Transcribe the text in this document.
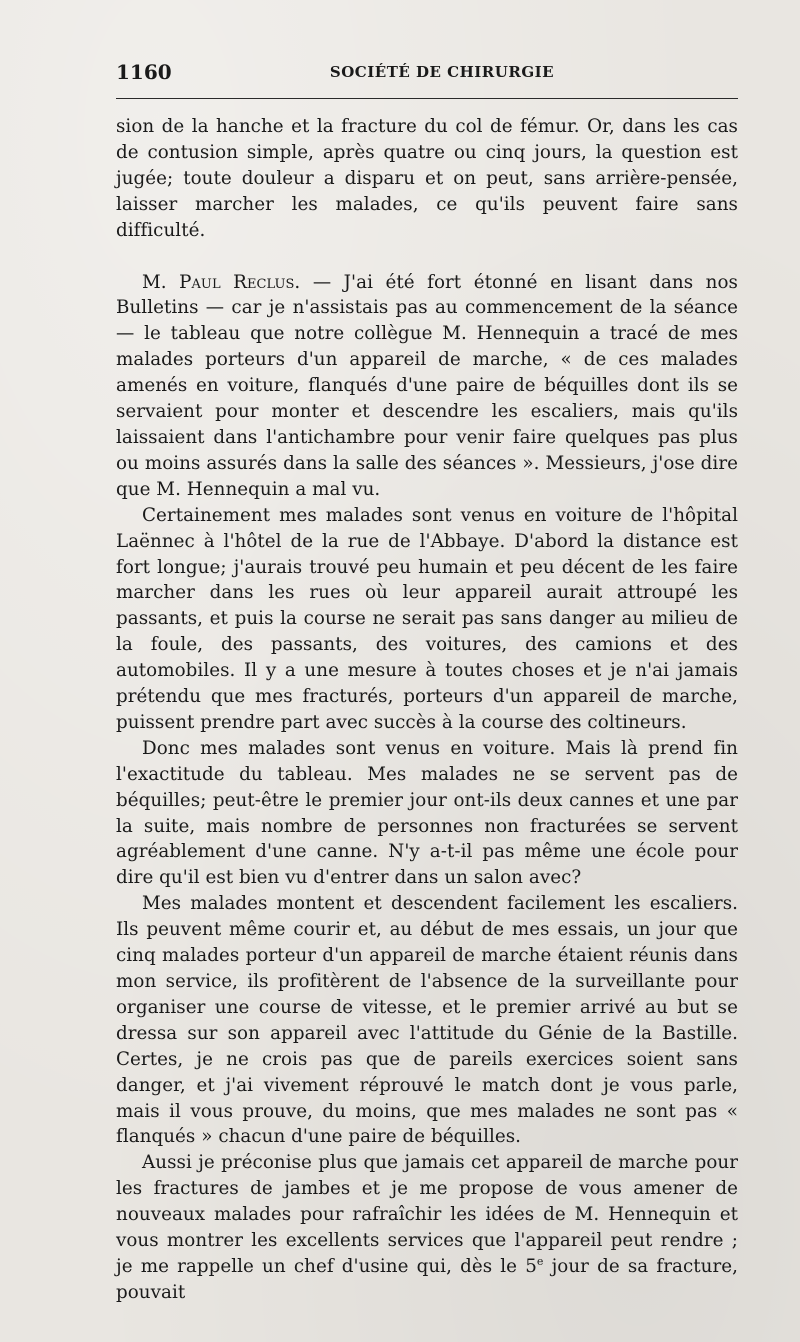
1160	SOCIÉTÉ DE CHIRURGIE

sion de la hanche et la fracture du col de fémur. Or, dans les cas de contusion simple, après quatre ou cinq jours, la question est jugée; toute douleur a disparu et on peut, sans arrière-pensée, laisser marcher les malades, ce qu'ils peuvent faire sans difficulté.

M. Paul Reclus. — J'ai été fort étonné en lisant dans nos Bulletins — car je n'assistais pas au commencement de la séance — le tableau que notre collègue M. Hennequin a tracé de mes malades porteurs d'un appareil de marche, « de ces malades amenés en voiture, flanqués d'une paire de béquilles dont ils se servaient pour monter et descendre les escaliers, mais qu'ils laissaient dans l'antichambre pour venir faire quelques pas plus ou moins assurés dans la salle des séances ». Messieurs, j'ose dire que M. Hennequin a mal vu.

Certainement mes malades sont venus en voiture de l'hôpital Laënnec à l'hôtel de la rue de l'Abbaye. D'abord la distance est fort longue; j'aurais trouvé peu humain et peu décent de les faire marcher dans les rues où leur appareil aurait attroupé les passants, et puis la course ne serait pas sans danger au milieu de la foule, des passants, des voitures, des camions et des automobiles. Il y a une mesure à toutes choses et je n'ai jamais prétendu que mes fracturés, porteurs d'un appareil de marche, puissent prendre part avec succès à la course des coltineurs.

Donc mes malades sont venus en voiture. Mais là prend fin l'exactitude du tableau. Mes malades ne se servent pas de béquilles; peut-être le premier jour ont-ils deux cannes et une par la suite, mais nombre de personnes non fracturées se servent agréablement d'une canne. N'y a-t-il pas même une école pour dire qu'il est bien vu d'entrer dans un salon avec?

Mes malades montent et descendent facilement les escaliers. Ils peuvent même courir et, au début de mes essais, un jour que cinq malades porteur d'un appareil de marche étaient réunis dans mon service, ils profitèrent de l'absence de la surveillante pour organiser une course de vitesse, et le premier arrivé au but se dressa sur son appareil avec l'attitude du Génie de la Bastille. Certes, je ne crois pas que de pareils exercices soient sans danger, et j'ai vivement réprouvé le match dont je vous parle, mais il vous prouve, du moins, que mes malades ne sont pas « flanqués » chacun d'une paire de béquilles.

Aussi je préconise plus que jamais cet appareil de marche pour les fractures de jambes et je me propose de vous amener de nouveaux malades pour rafraîchir les idées de M. Hennequin et vous montrer les excellents services que l'appareil peut rendre ; je me rappelle un chef d'usine qui, dès le 5e jour de sa fracture, pouvait
